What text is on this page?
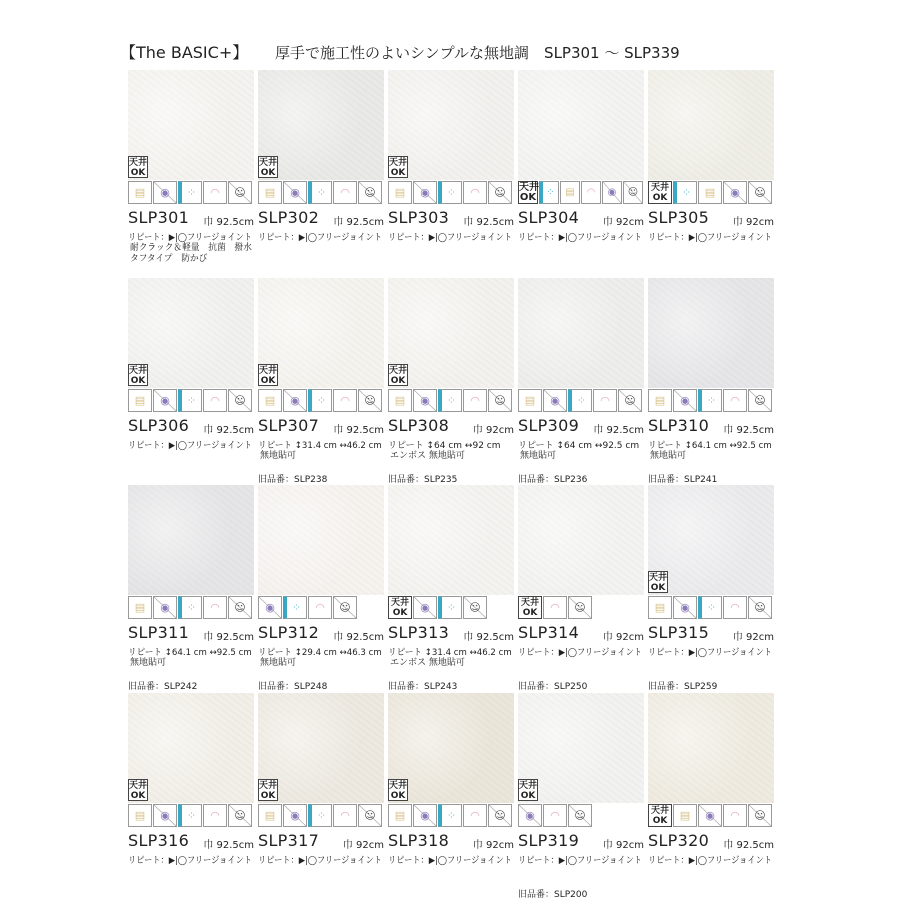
【The BASIC+】 厚手で施工性のよいシンプルな無地調　SLP301 〜 SLP339
天井
OK
▤	◉	⁘	◠	☺
SLP301 巾 92.5cm
リピート：▶|◯フリージョイント
耐クラック＆軽量　抗菌　撥水
タフタイプ　防かび
天井
OK
▤	◉	⁘	◠	☺
SLP302 巾 92.5cm
リピート：▶|◯フリージョイント
天井
OK
▤	◉	⁘	◠	☺
SLP303 巾 92.5cm
リピート：▶|◯フリージョイント
天井
OK	⁘	▤	◠	◉	☺
SLP304 巾 92cm
リピート：▶|◯フリージョイント
天井
OK	⁘	▤	◉	☺
SLP305 巾 92cm
リピート：▶|◯フリージョイント
天井
OK
▤	◉	⁘	◠	☺
SLP306 巾 92.5cm
リピート：▶|◯フリージョイント
天井
OK
▤	◉	⁘	◠	☺
SLP307 巾 92.5cm
リピート ↕31.4 cm ↔46.2 cm
無地貼可
旧品番：SLP238
天井
OK
▤	◉	⁘	◠	☺
SLP308 巾 92cm
リピート ↕64 cm ↔92 cm
エンボス 無地貼可
旧品番：SLP235
▤	◉	⁘	◠	☺
SLP309 巾 92.5cm
リピート ↕64 cm ↔92.5 cm
無地貼可
旧品番：SLP236
▤	◉	⁘	◠	☺
SLP310 巾 92.5cm
リピート ↕64.1 cm ↔92.5 cm
無地貼可
旧品番：SLP241
▤	◉	⁘	◠	☺
SLP311 巾 92.5cm
リピート ↕64.1 cm ↔92.5 cm
無地貼可
旧品番：SLP242
◉	⁘	◠	☺
SLP312 巾 92.5cm
リピート ↕29.4 cm ↔46.3 cm
無地貼可
旧品番：SLP248
天井
OK	◉	⁘	☺
SLP313 巾 92.5cm
リピート ↕31.4 cm ↔46.2 cm
エンボス 無地貼可
旧品番：SLP243
天井
OK	◠	☺
SLP314 巾 92cm
リピート：▶|◯フリージョイント
旧品番：SLP250
天井
OK
▤	◉	⁘	◠	☺
SLP315 巾 92cm
リピート：▶|◯フリージョイント
旧品番：SLP259
天井
OK
▤	◉	⁘	◠	☺
SLP316 巾 92.5cm
リピート：▶|◯フリージョイント
天井
OK
▤	◉	⁘	◠	☺
SLP317 巾 92cm
リピート：▶|◯フリージョイント
天井
OK
▤	◉	⁘	◠	☺
SLP318 巾 92cm
リピート：▶|◯フリージョイント
天井
OK
◉	◠	☺
SLP319 巾 92cm
リピート：▶|◯フリージョイント
旧品番：SLP200
天井
OK	▤	◉	◠	☺
SLP320 巾 92.5cm
リピート：▶|◯フリージョイント
